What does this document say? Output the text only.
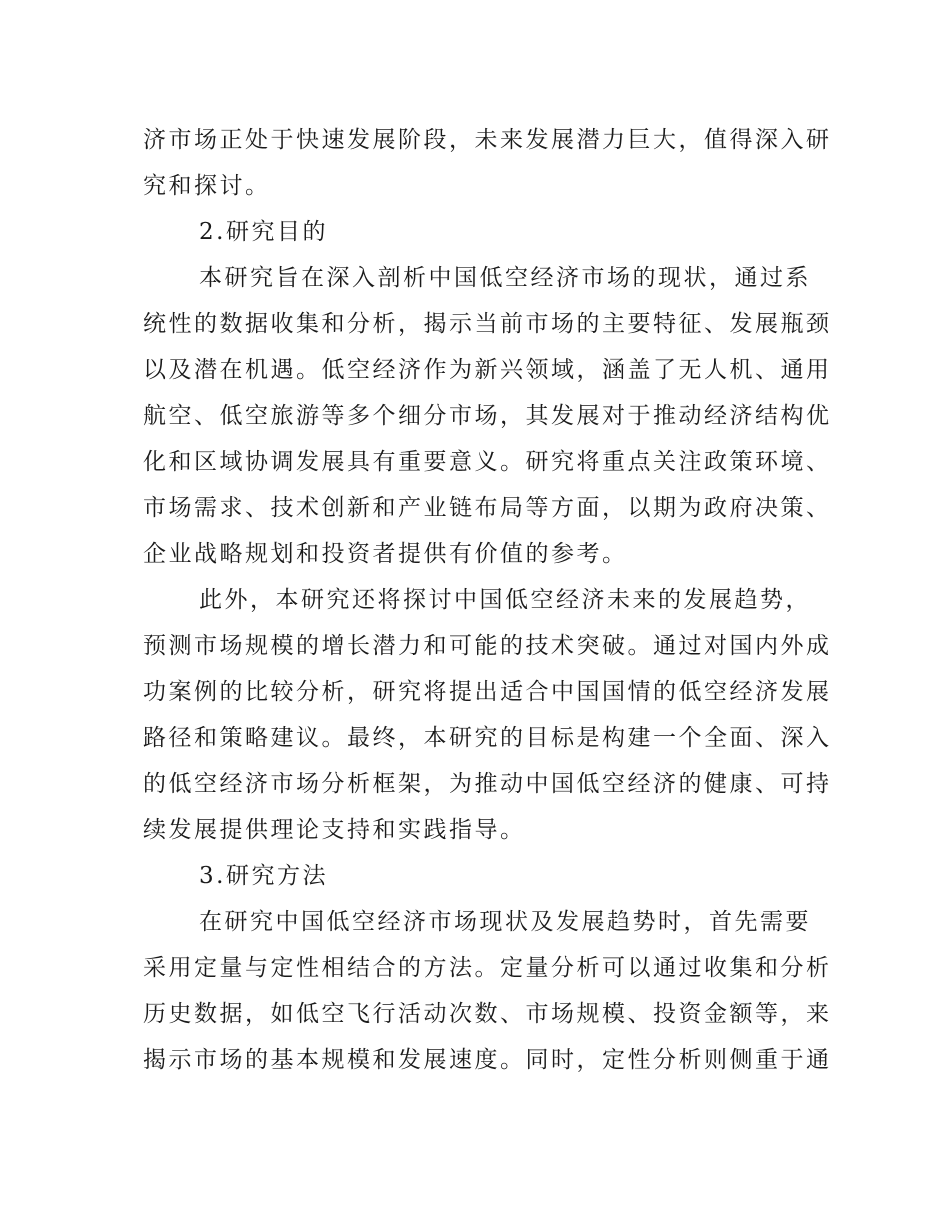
济市场正处于快速发展阶段，未来发展潜力巨大，值得深入研
究和探讨。
2.研究目的
本研究旨在深入剖析中国低空经济市场的现状，通过系
统性的数据收集和分析，揭示当前市场的主要特征、发展瓶颈
以及潜在机遇。低空经济作为新兴领域，涵盖了无人机、通用
航空、低空旅游等多个细分市场，其发展对于推动经济结构优
化和区域协调发展具有重要意义。研究将重点关注政策环境、
市场需求、技术创新和产业链布局等方面，以期为政府决策、
企业战略规划和投资者提供有价值的参考。
此外，本研究还将探讨中国低空经济未来的发展趋势，
预测市场规模的增长潜力和可能的技术突破。通过对国内外成
功案例的比较分析，研究将提出适合中国国情的低空经济发展
路径和策略建议。最终，本研究的目标是构建一个全面、深入
的低空经济市场分析框架，为推动中国低空经济的健康、可持
续发展提供理论支持和实践指导。
3.研究方法
在研究中国低空经济市场现状及发展趋势时，首先需要
采用定量与定性相结合的方法。定量分析可以通过收集和分析
历史数据，如低空飞行活动次数、市场规模、投资金额等，来
揭示市场的基本规模和发展速度。同时，定性分析则侧重于通
